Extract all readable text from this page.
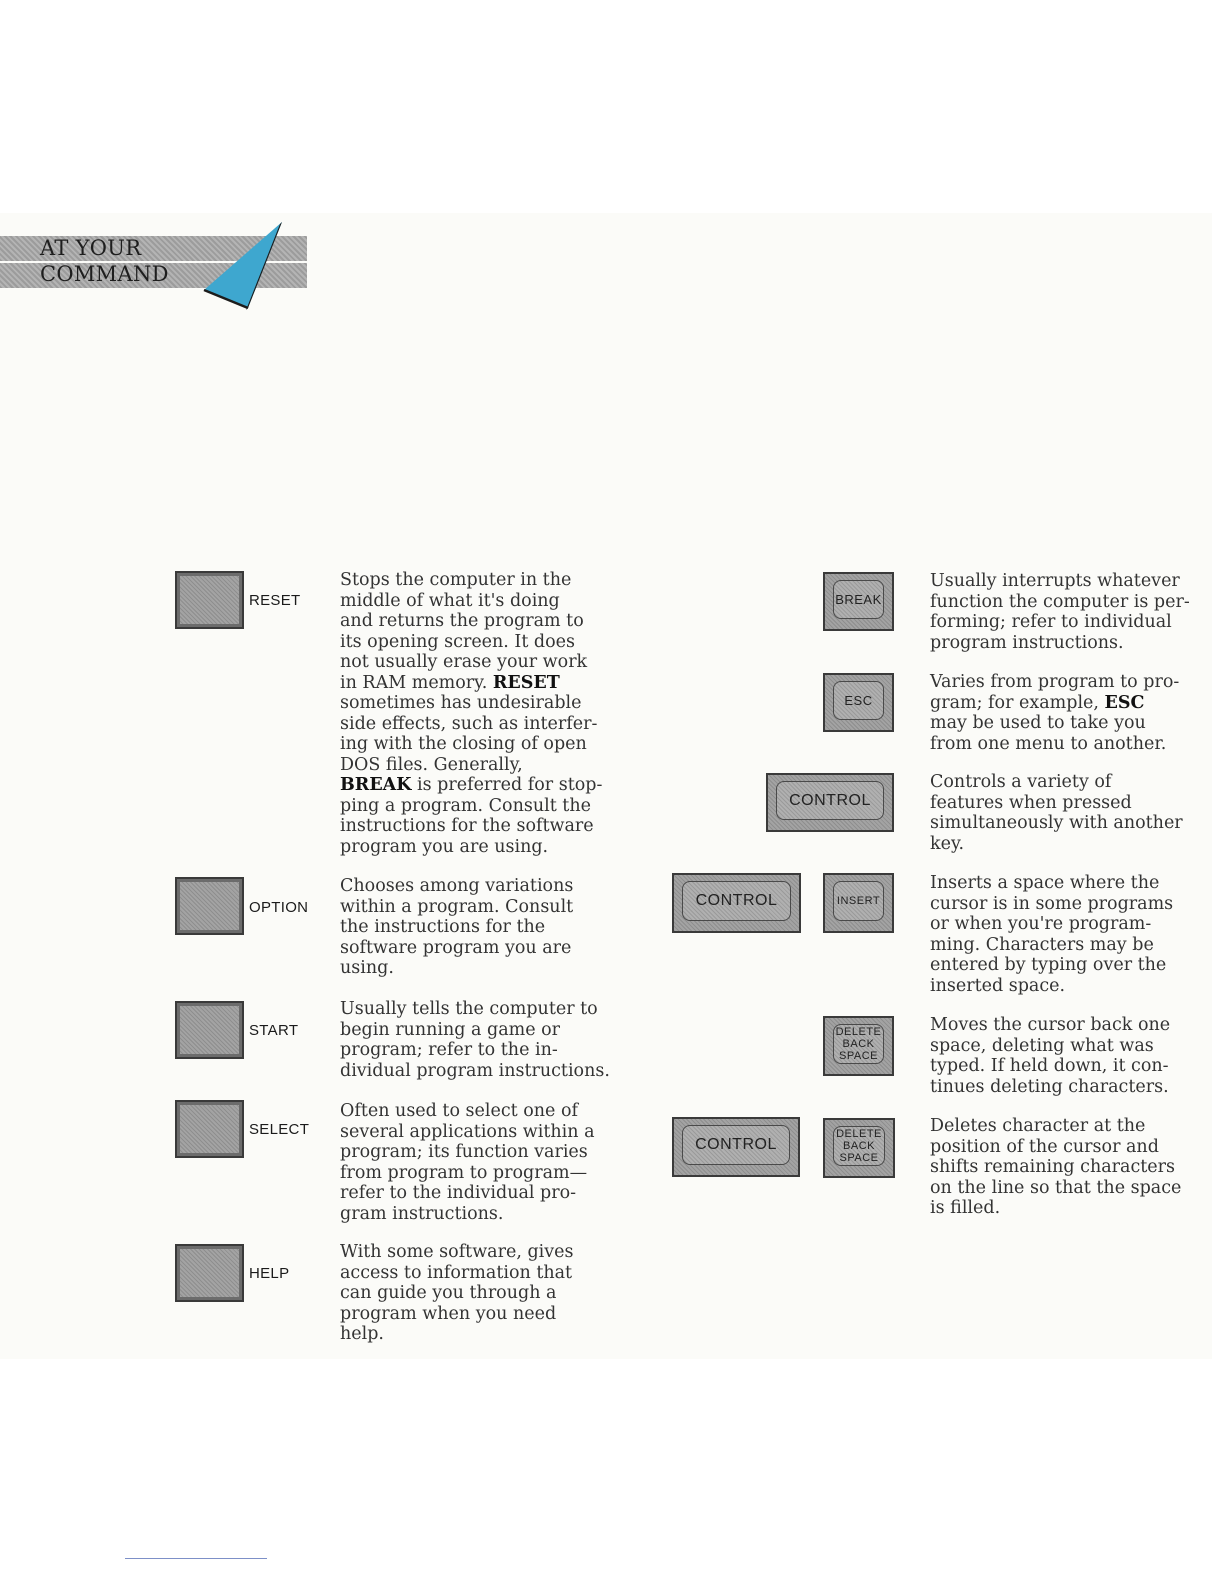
AT YOUR
COMMAND
RESET

Stops the computer in the
middle of what it's doing
and returns the program to
its opening screen. It does
not usually erase your work
in RAM memory. RESET
sometimes has undesirable
side effects, such as interfer-
ing with the closing of open
DOS files. Generally,
BREAK is preferred for stop-
ping a program. Consult the
instructions for the software
program you are using.

OPTION

Chooses among variations
within a program. Consult
the instructions for the
software program you are
using.

START

Usually tells the computer to
begin running a game or
program; refer to the in-
dividual program instructions.

SELECT

Often used to select one of
several applications within a
program; its function varies
from program to program—
refer to the individual pro-
gram instructions.

HELP

With some software, gives
access to information that
can guide you through a
program when you need
help.

BREAK

Usually interrupts whatever
function the computer is per-
forming; refer to individual
program instructions.

ESC

Varies from program to pro-
gram; for example, ESC
may be used to take you
from one menu to another.

CONTROL

Controls a variety of
features when pressed
simultaneously with another
key.

CONTROL	INSERT

Inserts a space where the
cursor is in some programs
or when you're program-
ming. Characters may be
entered by typing over the
inserted space.

DELETE
BACK
SPACE

Moves the cursor back one
space, deleting what was
typed. If held down, it con-
tinues deleting characters.

CONTROL
DELETE
BACK
SPACE

Deletes character at the
position of the cursor and
shifts remaining characters
on the line so that the space
is filled.
